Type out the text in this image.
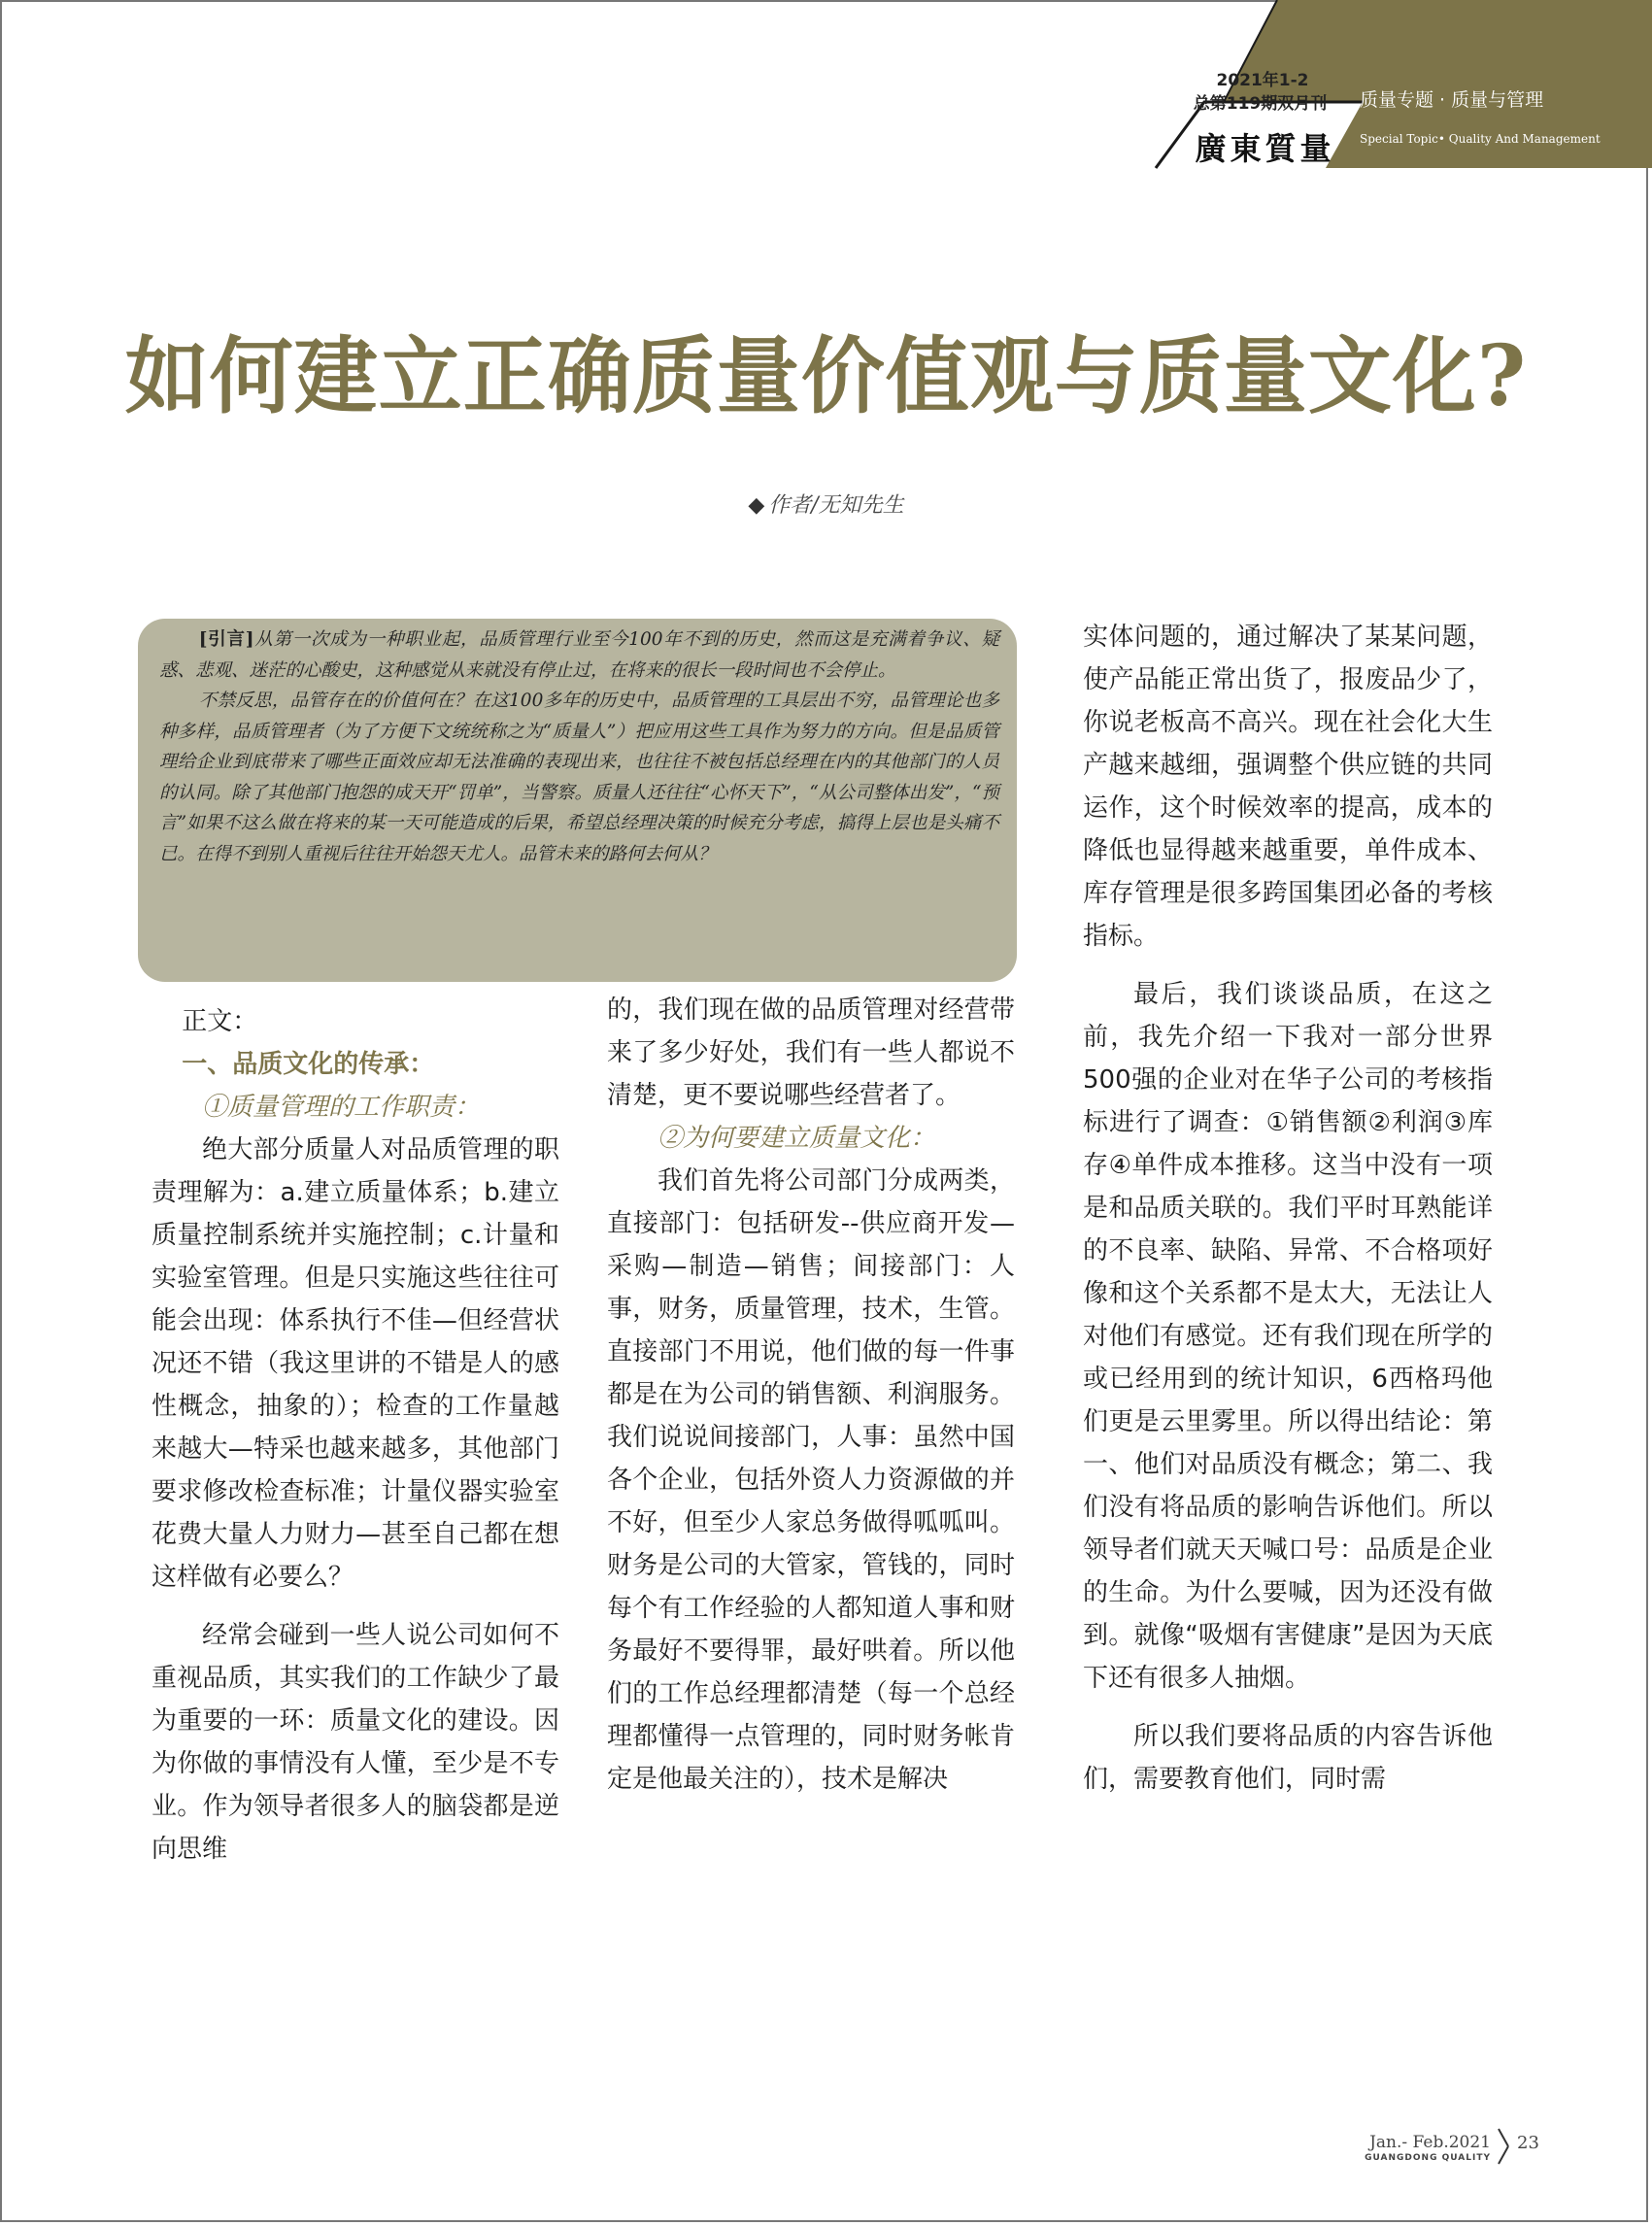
2021年1-2
总第119期双月刊
廣東質量
质量专题 · 质量与管理
Special Topic• Quality And Management
如何建立正确质量价值观与质量文化?
◆ 作者/无知先生

[引言]从第一次成为一种职业起，品质管理行业至今100年不到的历史，然而这是充满着争议、疑惑、悲观、迷茫的心酸史，这种感觉从来就没有停止过，在将来的很长一段时间也不会停止。

不禁反思，品管存在的价值何在？在这100多年的历史中，品质管理的工具层出不穷，品管理论也多种多样，品质管理者（为了方便下文统统称之为“质量人”）把应用这些工具作为努力的方向。但是品质管理给企业到底带来了哪些正面效应却无法准确的表现出来，也往往不被包括总经理在内的其他部门的人员的认同。除了其他部门抱怨的成天开“罚单”，当警察。质量人还往往“心怀天下”，“从公司整体出发”，“预言”如果不这么做在将来的某一天可能造成的后果，希望总经理决策的时候充分考虑，搞得上层也是头痛不已。在得不到别人重视后往往开始怨天尤人。品管未来的路何去何从？

正文：

一、品质文化的传承：

①质量管理的工作职责：

绝大部分质量人对品质管理的职责理解为：a.建立质量体系；b.建立质量控制系统并实施控制；c.计量和实验室管理。但是只实施这些往往可能会出现：体系执行不佳—但经营状况还不错（我这里讲的不错是人的感性概念，抽象的）；检查的工作量越来越大—特采也越来越多，其他部门要求修改检查标准；计量仪器实验室花费大量人力财力—甚至自己都在想这样做有必要么？

经常会碰到一些人说公司如何不重视品质，其实我们的工作缺少了最为重要的一环：质量文化的建设。因为你做的事情没有人懂，至少是不专业。作为领导者很多人的脑袋都是逆向思维

的，我们现在做的品质管理对经营带来了多少好处，我们有一些人都说不清楚，更不要说哪些经营者了。

②为何要建立质量文化：

我们首先将公司部门分成两类，直接部门：包括研发--供应商开发—采购—制造—销售；间接部门：人事，财务，质量管理，技术，生管。直接部门不用说，他们做的每一件事都是在为公司的销售额、利润服务。我们说说间接部门，人事：虽然中国各个企业，包括外资人力资源做的并不好，但至少人家总务做得呱呱叫。财务是公司的大管家，管钱的，同时每个有工作经验的人都知道人事和财务最好不要得罪，最好哄着。所以他们的工作总经理都清楚（每一个总经理都懂得一点管理的，同时财务帐肯定是他最关注的），技术是解决

实体问题的，通过解决了某某问题，使产品能正常出货了，报废品少了，你说老板高不高兴。现在社会化大生产越来越细，强调整个供应链的共同运作，这个时候效率的提高，成本的降低也显得越来越重要，单件成本、库存管理是很多跨国集团必备的考核指标。

最后，我们谈谈品质，在这之前，我先介绍一下我对一部分世界500强的企业对在华子公司的考核指标进行了调查：①销售额②利润③库存④单件成本推移。这当中没有一项是和品质关联的。我们平时耳熟能详的不良率、缺陷、异常、不合格项好像和这个关系都不是太大，无法让人对他们有感觉。还有我们现在所学的或已经用到的统计知识，6西格玛他们更是云里雾里。所以得出结论：第一、他们对品质没有概念；第二、我们没有将品质的影响告诉他们。所以领导者们就天天喊口号：品质是企业的生命。为什么要喊，因为还没有做到。就像“吸烟有害健康”是因为天底下还有很多人抽烟。

所以我们要将品质的内容告诉他们，需要教育他们，同时需

Jan.- Feb.2021
GUANGDONG QUALITY
23
